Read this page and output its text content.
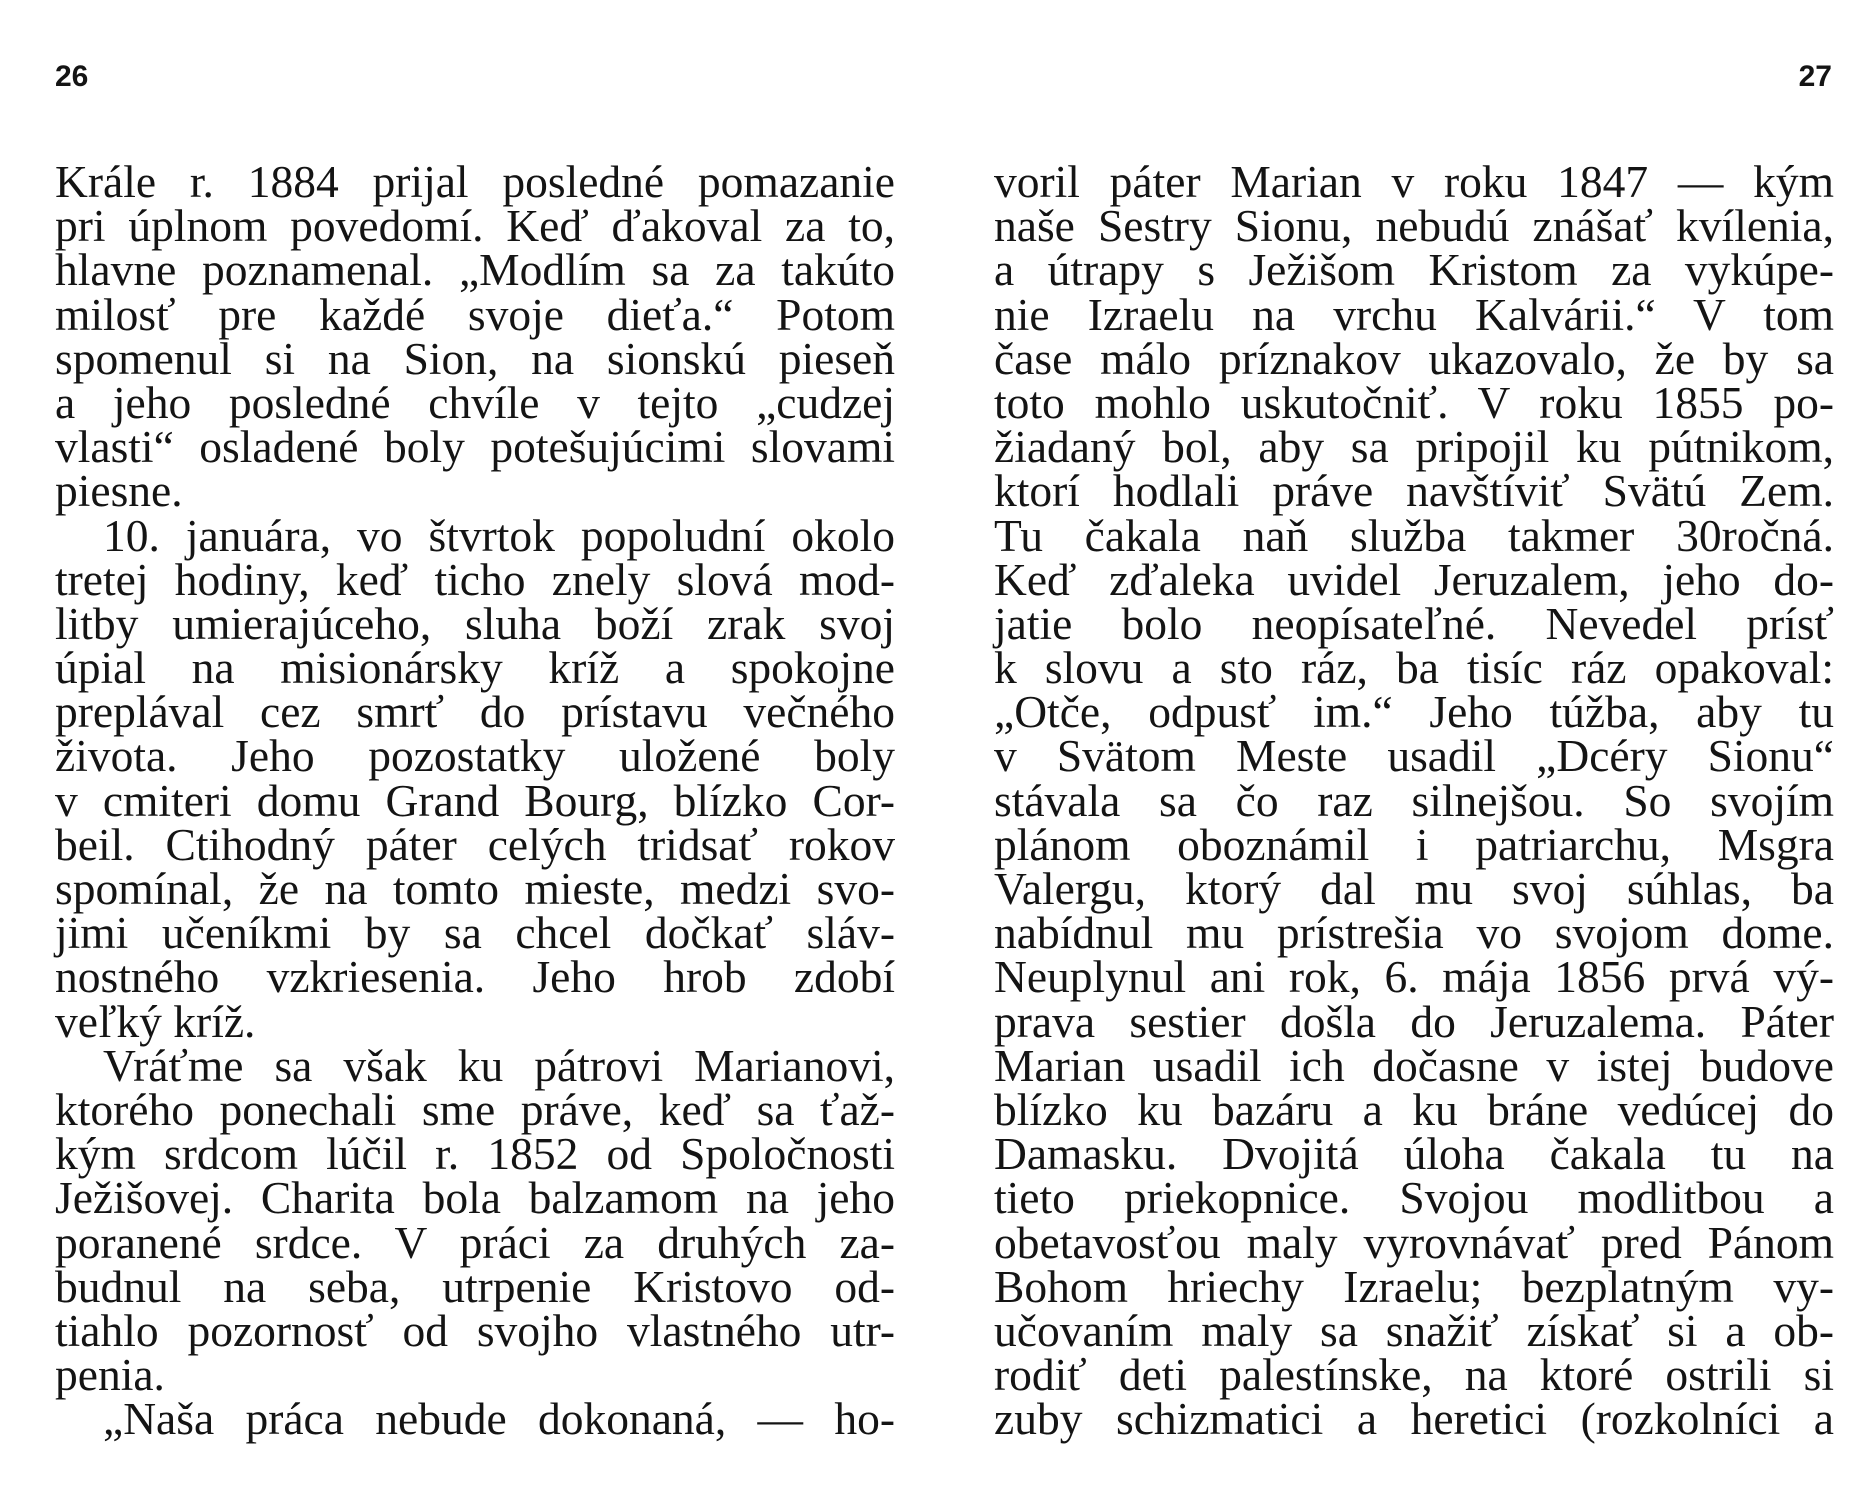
26	27
Krále r. 1884 prijal posledné pomazanie
pri úplnom povedomí. Keď ďakoval za to,
hlavne poznamenal. „Modlím sa za takúto
milosť pre každé svoje dieťa.“ Potom
spomenul si na Sion, na sionskú pieseň
a jeho posledné chvíle v tejto „cudzej
vlasti“ osladené boly potešujúcimi slovami
piesne.
10. januára, vo štvrtok popoludní okolo
tretej hodiny, keď ticho znely slová mod-
litby umierajúceho, sluha boží zrak svoj
úpial na misionársky kríž a spokojne
preplával cez smrť do prístavu večného
života. Jeho pozostatky uložené boly
v cmiteri domu Grand Bourg, blízko Cor-
beil. Ctihodný páter celých tridsať rokov
spomínal, že na tomto mieste, medzi svo-
jimi učeníkmi by sa chcel dočkať sláv-
nostného vzkriesenia. Jeho hrob zdobí
veľký kríž.
Vráťme sa však ku pátrovi Marianovi,
ktorého ponechali sme práve, keď sa ťaž-
kým srdcom lúčil r. 1852 od Spoločnosti
Ježišovej. Charita bola balzamom na jeho
poranené srdce. V práci za druhých za-
budnul na seba, utrpenie Kristovo od-
tiahlo pozornosť od svojho vlastného utr-
penia.
„Naša práca nebude dokonaná, — ho-
voril páter Marian v roku 1847 — kým
naše Sestry Sionu, nebudú znášať kvílenia,
a útrapy s Ježišom Kristom za vykúpe-
nie Izraelu na vrchu Kalvárii.“ V tom
čase málo príznakov ukazovalo, že by sa
toto mohlo uskutočniť. V roku 1855 po-
žiadaný bol, aby sa pripojil ku pútnikom,
ktorí hodlali práve navštíviť Svätú Zem.
Tu čakala naň služba takmer 30ročná.
Keď zďaleka uvidel Jeruzalem, jeho do-
jatie bolo neopísateľné. Nevedel prísť
k slovu a sto ráz, ba tisíc ráz opakoval:
„Otče, odpusť im.“ Jeho túžba, aby tu
v Svätom Meste usadil „Dcéry Sionu“
stávala sa čo raz silnejšou. So svojím
plánom oboznámil i patriarchu, Msgra
Valergu, ktorý dal mu svoj súhlas, ba
nabídnul mu prístrešia vo svojom dome.
Neuplynul ani rok, 6. mája 1856 prvá vý-
prava sestier došla do Jeruzalema. Páter
Marian usadil ich dočasne v istej budove
blízko ku bazáru a ku bráne vedúcej do
Damasku. Dvojitá úloha čakala tu na
tieto priekopnice. Svojou modlitbou a
obetavosťou maly vyrovnávať pred Pánom
Bohom hriechy Izraelu; bezplatným vy-
učovaním maly sa snažiť získať si a ob-
rodiť deti palestínske, na ktoré ostrili si
zuby schizmatici a heretici (rozkolníci a
